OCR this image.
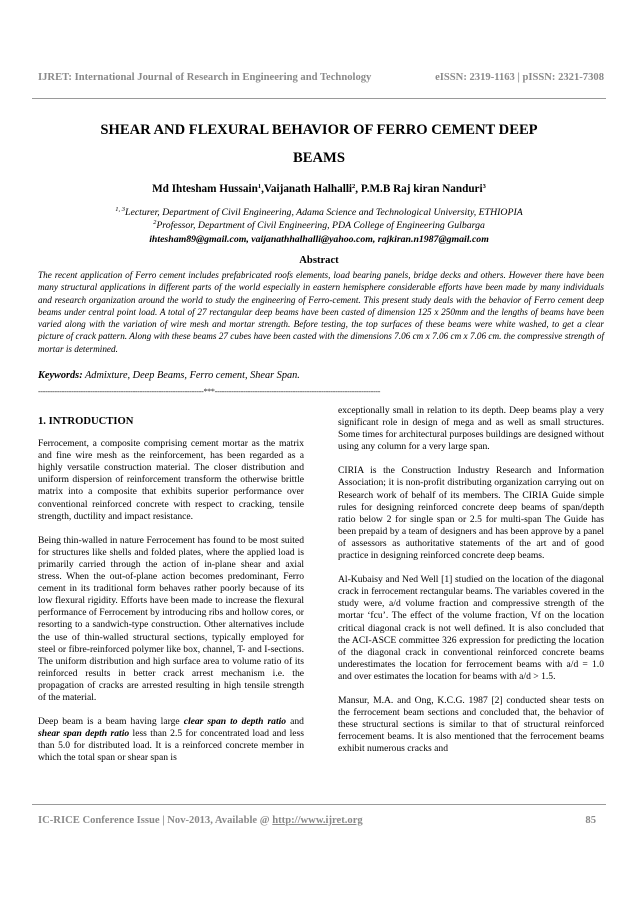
IJRET: International Journal of Research in Engineering and Technology	eISSN: 2319-1163 | pISSN: 2321-7308
SHEAR AND FLEXURAL BEHAVIOR OF FERRO CEMENT DEEP
BEAMS
Md Ihtesham Hussain$^1$,Vaijanath Halhalli$^2$, P.M.B Raj kiran Nanduri$^3$
$^{1, 3}$Lecturer, Department of Civil Engineering, Adama Science and Technological University, ETHIOPIA
$^2$Professor, Department of Civil Engineering, PDA College of Engineering Gulbarga
ihtesham89@gmail.com, vaijanathhalhalli@yahoo.com, rajkiran.n1987@gmail.com
Abstract
The recent application of Ferro cement includes prefabricated roofs elements, load bearing panels, bridge decks and others. However there have been many structural applications in different parts of the world especially in eastern hemisphere considerable efforts have been made by many individuals and research organization around the world to study the engineering of Ferro-cement. This present study deals with the behavior of Ferro cement deep beams under central point load. A total of 27 rectangular deep beams have been casted of dimension 125 x 250mm and the lengths of beams have been varied along with the variation of wire mesh and mortar strength. Before testing, the top surfaces of these beams were white washed, to get a clear picture of crack pattern. Along with these beams 27 cubes have been casted with the dimensions 7.06 cm x 7.06 cm x 7.06 cm. the compressive strength of mortar is determined.
Keywords: Admixture, Deep Beams, Ferro cement, Shear Span.
----------------------------------------------------------------------***----------------------------------------------------------------------
1. INTRODUCTION

Ferrocement, a composite comprising cement mortar as the matrix and fine wire mesh as the reinforcement, has been regarded as a highly versatile construction material. The closer distribution and uniform dispersion of reinforcement transform the otherwise brittle matrix into a composite that exhibits superior performance over conventional reinforced concrete with respect to cracking, tensile strength, ductility and impact resistance.

Being thin-walled in nature Ferrocement has found to be most suited for structures like shells and folded plates, where the applied load is primarily carried through the action of in-plane shear and axial stress. When the out-of-plane action becomes predominant, Ferro cement in its traditional form behaves rather poorly because of its low flexural rigidity. Efforts have been made to increase the flexural performance of Ferrocement by introducing ribs and hollow cores, or resorting to a sandwich-type construction. Other alternatives include the use of thin-walled structural sections, typically employed for steel or fibre-reinforced polymer like box, channel, T- and I-sections. The uniform distribution and high surface area to volume ratio of its reinforced results in better crack arrest mechanism i.e. the propagation of cracks are arrested resulting in high tensile strength of the material.

Deep beam is a beam having large clear span to depth ratio and shear span depth ratio less than 2.5 for concentrated load and less than 5.0 for distributed load. It is a reinforced concrete member in which the total span or shear span is

exceptionally small in relation to its depth. Deep beams play a very significant role in design of mega and as well as small structures. Some times for architectural purposes buildings are designed without using any column for a very large span.

CIRIA is the Construction Industry Research and Information Association; it is non-profit distributing organization carrying out on Research work of behalf of its members. The CIRIA Guide simple rules for designing reinforced concrete deep beams of span/depth ratio below 2 for single span or 2.5 for multi-span The Guide has been prepaid by a team of designers and has been approve by a panel of assessors as authoritative statements of the art and of good practice in designing reinforced concrete deep beams.

Al-Kubaisy and Ned Well [1] studied on the location of the diagonal crack in ferrocement rectangular beams. The variables covered in the study were, a/d volume fraction and compressive strength of the mortar ‘fcu’. The effect of the volume fraction, Vf on the location critical diagonal crack is not well defined. It is also concluded that the ACI-ASCE committee 326 expression for predicting the location of the diagonal crack in conventional reinforced concrete beams underestimates the location for ferrocement beams with a/d = 1.0 and over estimates the location for beams with a/d > 1.5.

Mansur, M.A. and Ong, K.C.G. 1987 [2] conducted shear tests on the ferrocement beam sections and concluded that, the behavior of these structural sections is similar to that of structural reinforced ferrocement beams. It is also mentioned that the ferrocement beams exhibit numerous cracks and

IC-RICE Conference Issue | Nov-2013, Available @ http://www.ijret.org	85
